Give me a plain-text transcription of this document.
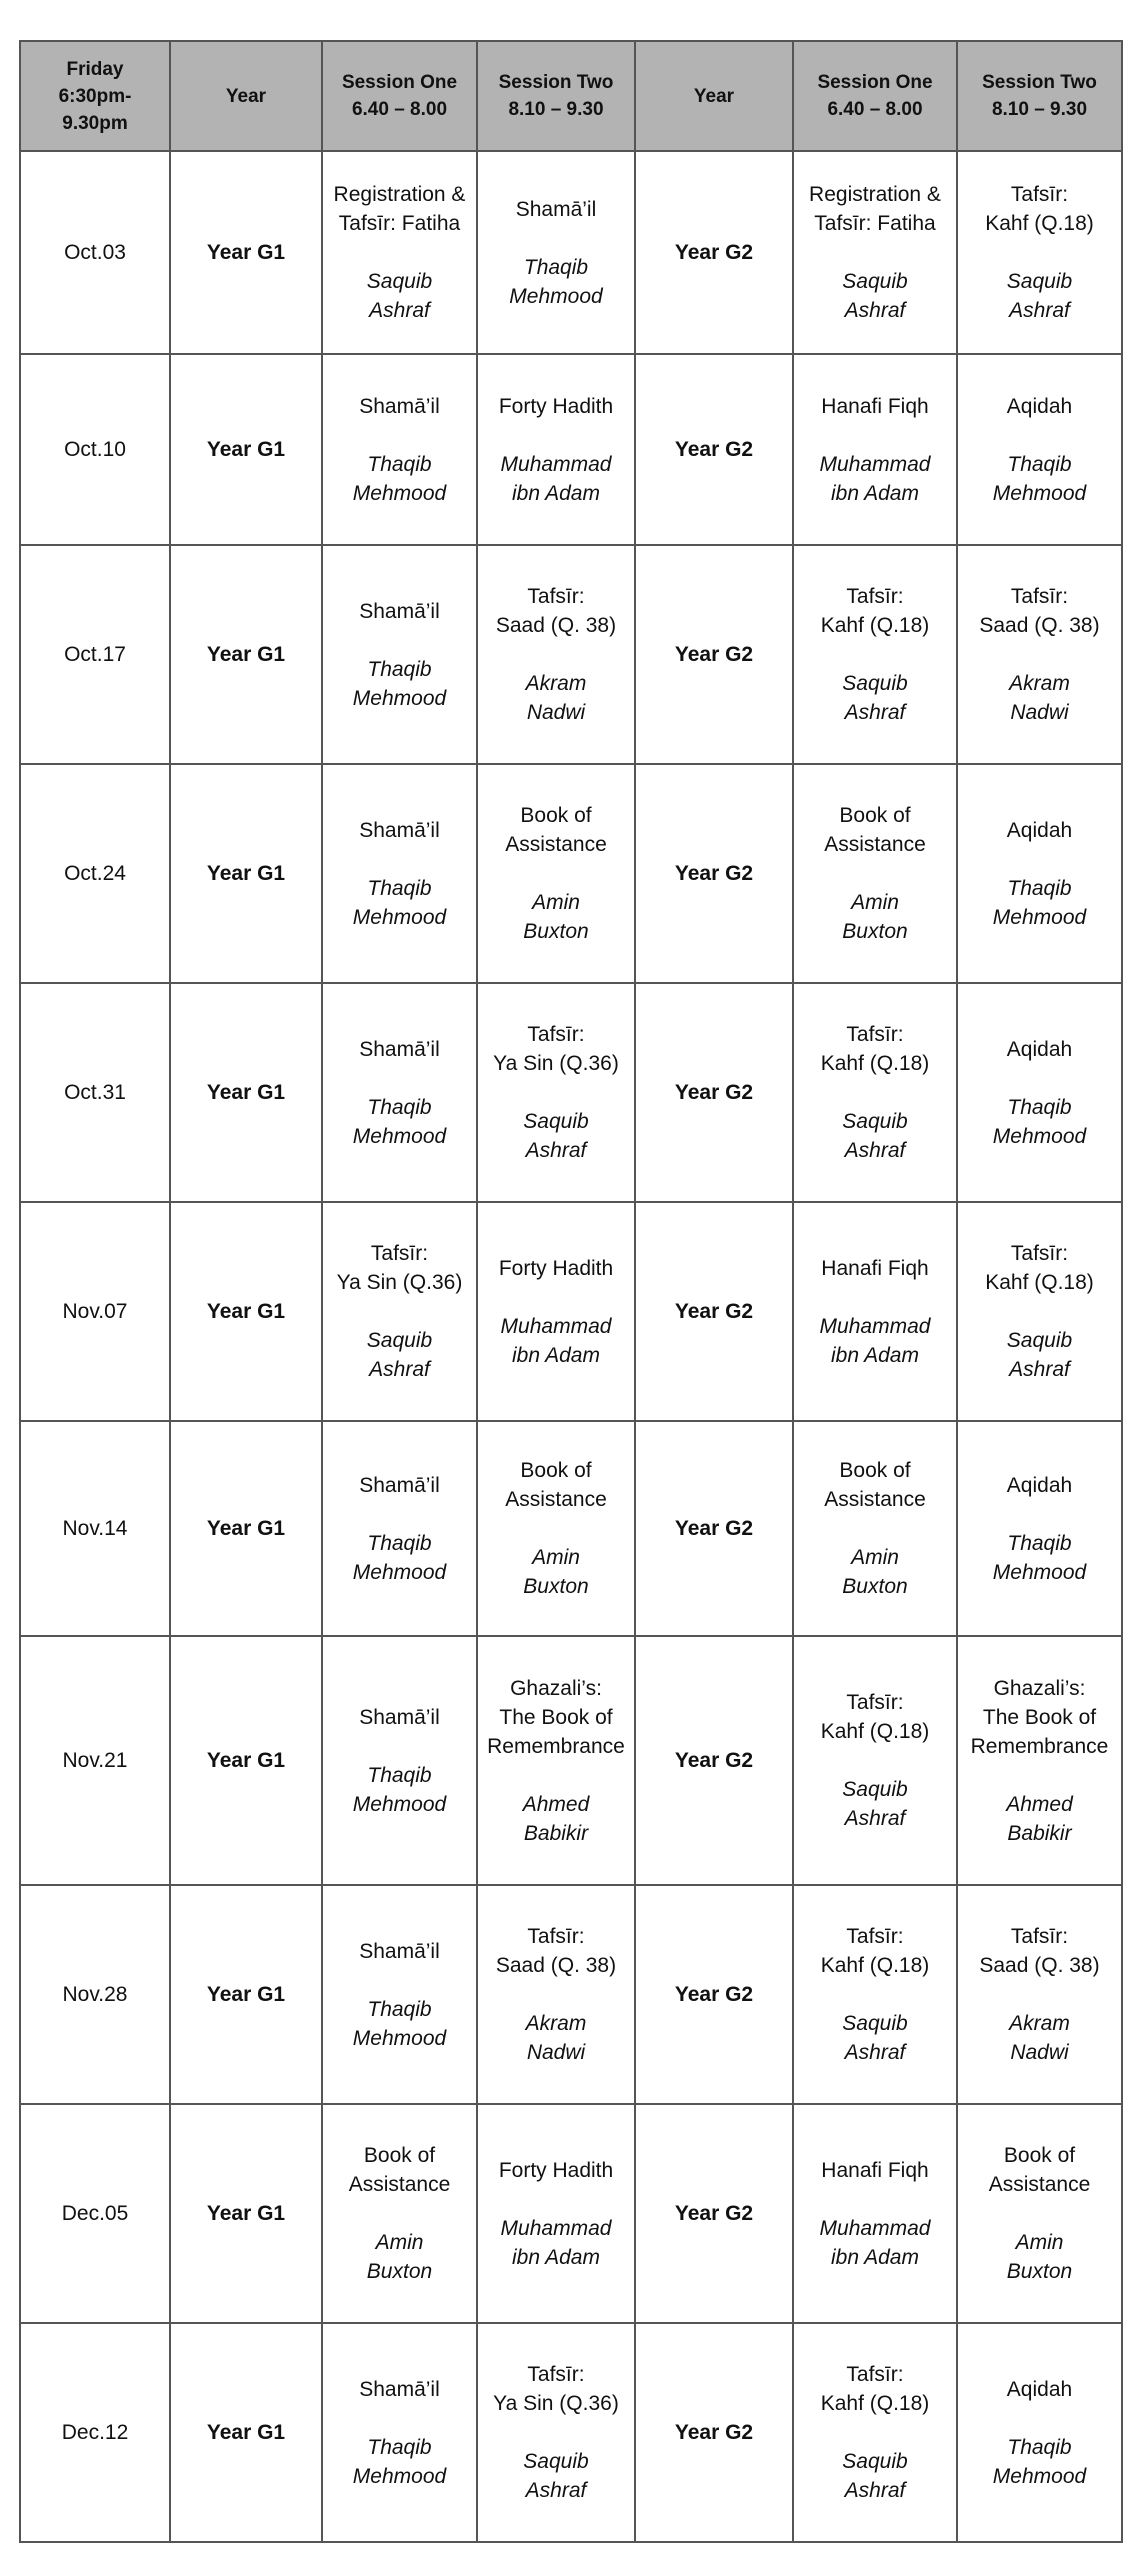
Friday
6:30pm-
9.30pm	Year	Session One
6.40 – 8.00	Session Two
8.10 – 9.30	Year	Session One
6.40 – 8.00	Session Two
8.10 – 9.30

Oct.03	Year G1	Registration &
Tafsīr: Fatiha
Saquib
Ashraf	Shamā’il
Thaqib
Mehmood	Year G2	Registration &
Tafsīr: Fatiha
Saquib
Ashraf	Tafsīr:
Kahf (Q.18)
Saquib
Ashraf

Oct.10	Year G1	Shamā’il
Thaqib
Mehmood	Forty Hadith
Muhammad
ibn Adam	Year G2	Hanafi Fiqh
Muhammad
ibn Adam	Aqidah
Thaqib
Mehmood

Oct.17	Year G1	Shamā’il
Thaqib
Mehmood	Tafsīr:
Saad (Q. 38)
Akram
Nadwi	Year G2	Tafsīr:
Kahf (Q.18)
Saquib
Ashraf	Tafsīr:
Saad (Q. 38)
Akram
Nadwi

Oct.24	Year G1	Shamā’il
Thaqib
Mehmood	Book of
Assistance
Amin
Buxton	Year G2	Book of
Assistance
Amin
Buxton	Aqidah
Thaqib
Mehmood

Oct.31	Year G1	Shamā’il
Thaqib
Mehmood	Tafsīr:
Ya Sin (Q.36)
Saquib
Ashraf	Year G2	Tafsīr:
Kahf (Q.18)
Saquib
Ashraf	Aqidah
Thaqib
Mehmood

Nov.07	Year G1	Tafsīr:
Ya Sin (Q.36)
Saquib
Ashraf	Forty Hadith
Muhammad
ibn Adam	Year G2	Hanafi Fiqh
Muhammad
ibn Adam	Tafsīr:
Kahf (Q.18)
Saquib
Ashraf

Nov.14	Year G1	Shamā’il
Thaqib
Mehmood	Book of
Assistance
Amin
Buxton	Year G2	Book of
Assistance
Amin
Buxton	Aqidah
Thaqib
Mehmood

Nov.21	Year G1	Shamā’il
Thaqib
Mehmood	Ghazali’s:
The Book of
Remembrance
Ahmed
Babikir	Year G2	Tafsīr:
Kahf (Q.18)
Saquib
Ashraf	Ghazali’s:
The Book of
Remembrance
Ahmed
Babikir

Nov.28	Year G1	Shamā’il
Thaqib
Mehmood	Tafsīr:
Saad (Q. 38)
Akram
Nadwi	Year G2	Tafsīr:
Kahf (Q.18)
Saquib
Ashraf	Tafsīr:
Saad (Q. 38)
Akram
Nadwi

Dec.05	Year G1	Book of
Assistance
Amin
Buxton	Forty Hadith
Muhammad
ibn Adam	Year G2	Hanafi Fiqh
Muhammad
ibn Adam	Book of
Assistance
Amin
Buxton

Dec.12	Year G1	Shamā’il
Thaqib
Mehmood	Tafsīr:
Ya Sin (Q.36)
Saquib
Ashraf	Year G2	Tafsīr:
Kahf (Q.18)
Saquib
Ashraf	Aqidah
Thaqib
Mehmood
